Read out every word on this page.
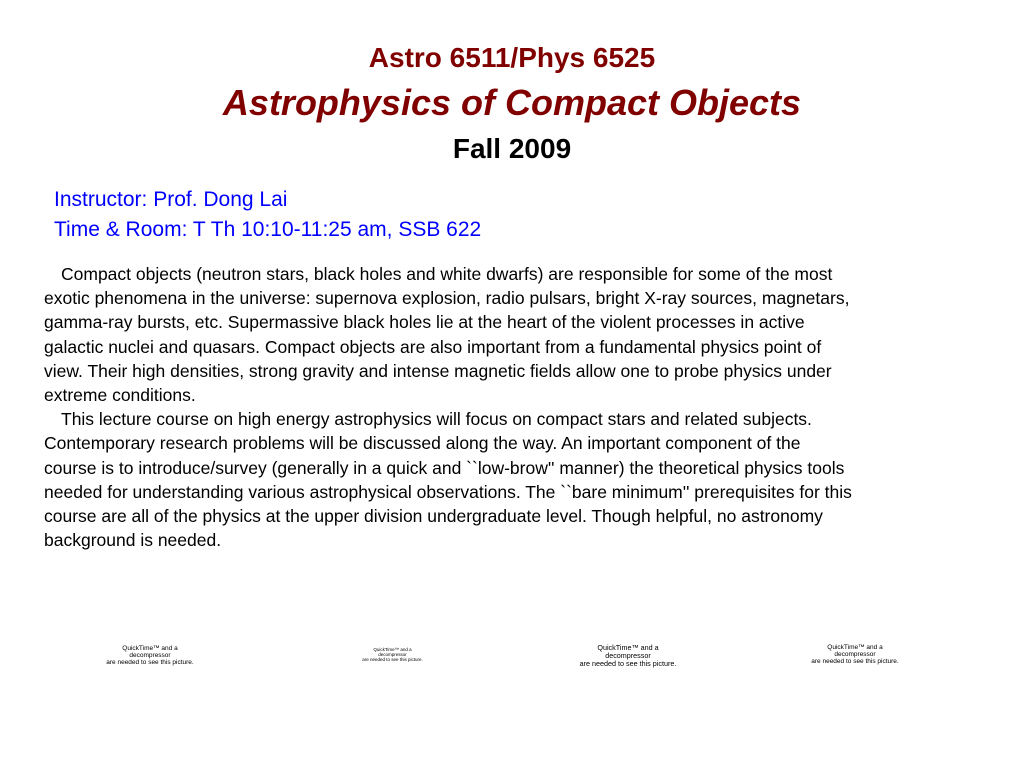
Astro 6511/Phys 6525
Astrophysics of Compact Objects
Fall 2009
Instructor: Prof. Dong Lai
Time & Room: T Th 10:10-11:25 am, SSB 622
Compact objects (neutron stars, black holes and white dwarfs) are responsible for some of the most
exotic phenomena in the universe: supernova explosion, radio pulsars, bright X-ray sources, magnetars,
gamma-ray bursts, etc. Supermassive black holes lie at the heart of the violent processes in active
galactic nuclei and quasars. Compact objects are also important from a fundamental physics point of
view. Their high densities, strong gravity and intense magnetic fields allow one to probe physics under
extreme conditions.
This lecture course on high energy astrophysics will focus on compact stars and related subjects.
Contemporary research problems will be discussed along the way. An important component of the
course is to introduce/survey (generally in a quick and ``low-brow'' manner) the theoretical physics tools
needed for understanding various astrophysical observations. The ``bare minimum'' prerequisites for this
course are all of the physics at the upper division undergraduate level. Though helpful, no astronomy
background is needed.
QuickTime™ and a
decompressor
are needed to see this picture.
QuickTime™ and a
decompressor
are needed to see this picture.
QuickTime™ and a
decompressor
are needed to see this picture.
QuickTime™ and a
decompressor
are needed to see this picture.
